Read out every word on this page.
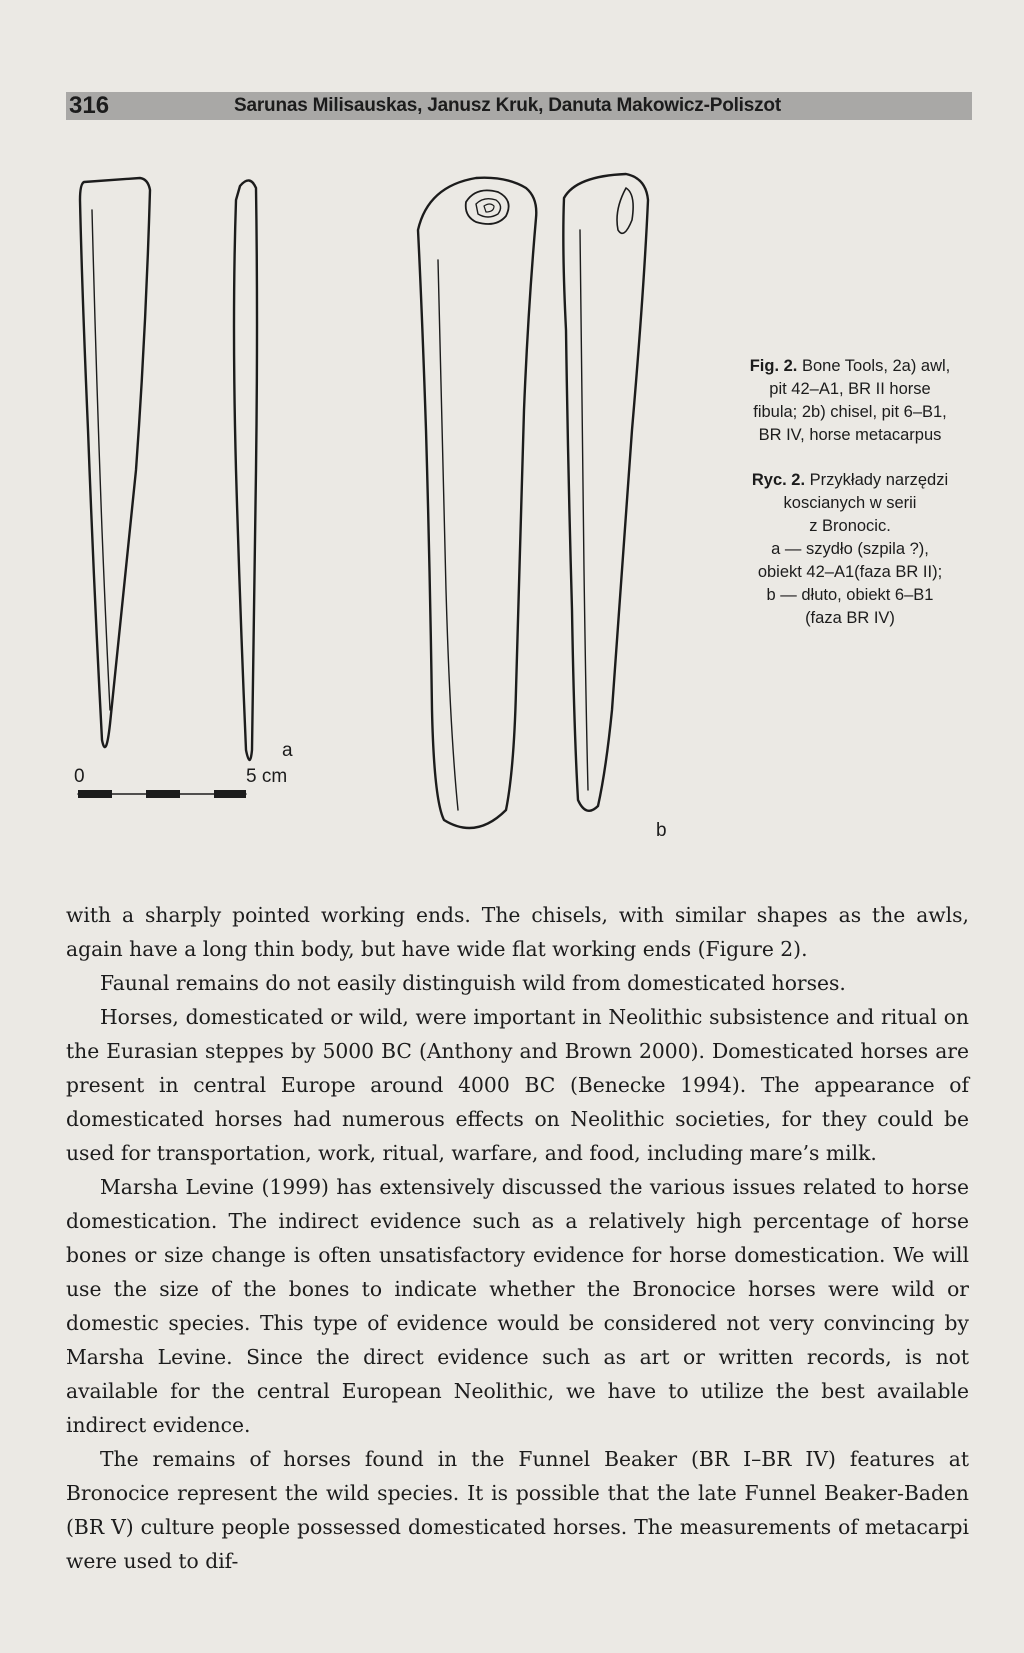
316	Sarunas Milisauskas, Janusz Kruk, Danuta Makowicz-Poliszot
a
b
0	5 cm

Fig. 2. Bone Tools, 2a) awl,

pit 42–A1, BR II horse

fibula; 2b) chisel, pit 6–B1,

BR IV, horse metacarpus

Ryc. 2. Przykłady narzędzi

koscianych w serii

z Bronocic.

a — szydło (szpila ?),

obiekt 42–A1(faza BR II);

b — dłuto, obiekt 6–B1

(faza BR IV)

with a sharply pointed working ends. The chisels, with similar shapes as the awls, again have a long thin body, but have wide flat working ends (Figure 2).

Faunal remains do not easily distinguish wild from domesticated horses.

Horses, domesticated or wild, were important in Neolithic subsistence and ritual on the Eurasian steppes by 5000 BC (Anthony and Brown 2000). Domesticated horses are present in central Europe around 4000 BC (Benecke 1994). The appearance of domesticated horses had numerous effects on Neolithic societies, for they could be used for transportation, work, ritual, warfare, and food, including mare’s milk.

Marsha Levine (1999) has extensively discussed the various issues related to horse domestication. The indirect evidence such as a relatively high percentage of horse bones or size change is often unsatisfactory evidence for horse domestication. We will use the size of the bones to indicate whether the Bronocice horses were wild or domestic species. This type of evidence would be considered not very convincing by Marsha Levine. Since the direct evidence such as art or written records, is not available for the central European Neolithic, we have to utilize the best available indirect evidence.

The remains of horses found in the Funnel Beaker (BR I–BR IV) features at Bronocice represent the wild species. It is possible that the late Funnel Beaker-Baden (BR V) culture people possessed domesticated horses. The measurements of metacarpi were used to dif-
